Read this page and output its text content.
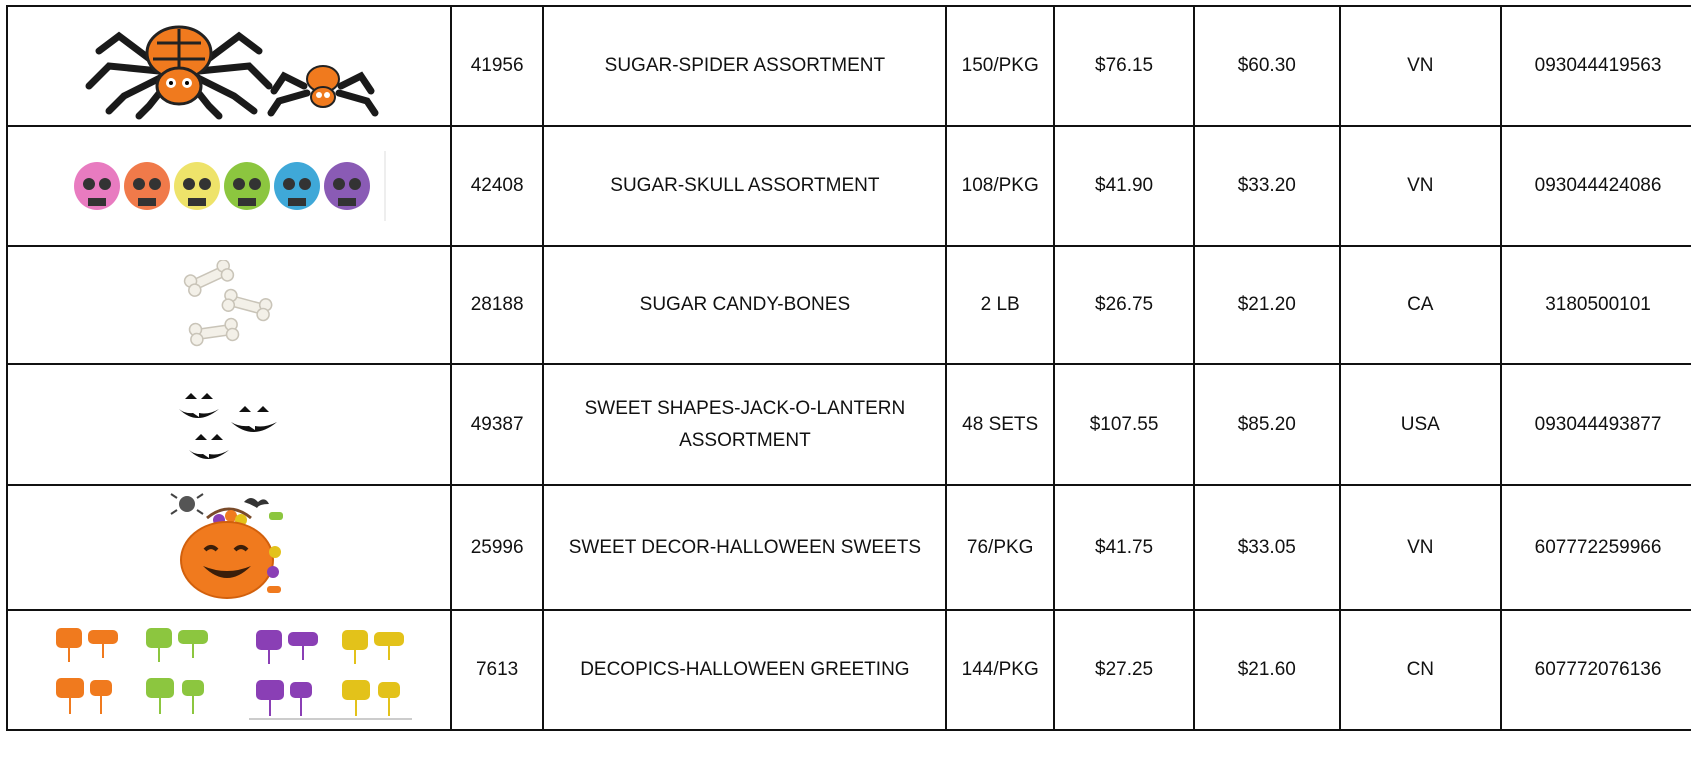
	41956	SUGAR-SPIDER ASSORTMENT	150/PKG	$76.15	$60.30	VN	093044419563

	42408	SUGAR-SKULL ASSORTMENT	108/PKG	$41.90	$33.20	VN	093044424086

	28188	SUGAR CANDY-BONES	2 LB	$26.75	$21.20	CA	3180500101

	49387	SWEET SHAPES-JACK-O-LANTERN ASSORTMENT	48 SETS	$107.55	$85.20	USA	093044493877

	25996	SWEET DECOR-HALLOWEEN SWEETS	76/PKG	$41.75	$33.05	VN	607772259966

	7613	DECOPICS-HALLOWEEN GREETING	144/PKG	$27.25	$21.60	CN	607772076136
